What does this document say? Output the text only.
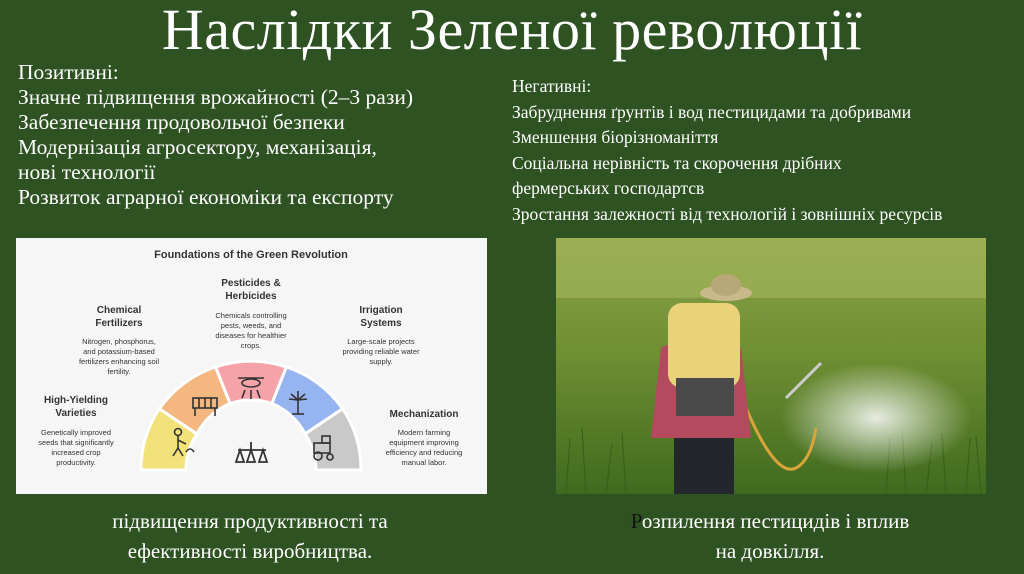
Наслідки Зеленої революції
Позитивні:
Значне підвищення врожайності (2–3 рази)
Забезпечення продовольчої безпеки
Модернізація агросектору, механізація,
нові технології
Розвиток аграрної економіки та експорту
Негативні:
Забруднення ґрунтів і вод пестицидами та добривами
Зменшення біорізноманіття
Соціальна нерівність та скорочення дрібних
фермерських господартсв
Зростання залежності від технологій і зовнішніх ресурсів
Foundations of the Green Revolution
High-Yielding
Varieties
Genetically improved
seeds that significantly
increased crop
productivity.
Chemical
Fertilizers
Nitrogen, phosphorus,
and potassium-based
fertilizers enhancing soil
fertility.
Pesticides &
Herbicides
Chemicals controlling
pests, weeds, and
diseases for healthier
crops.
Irrigation
Systems
Large-scale projects
providing reliable water
supply.
Mechanization
Modern farming
equipment improving
efficiency and reducing
manual labor.
підвищення продуктивності та
ефективності виробництва.
Розпилення пестицидів і вплив
на довкілля.
